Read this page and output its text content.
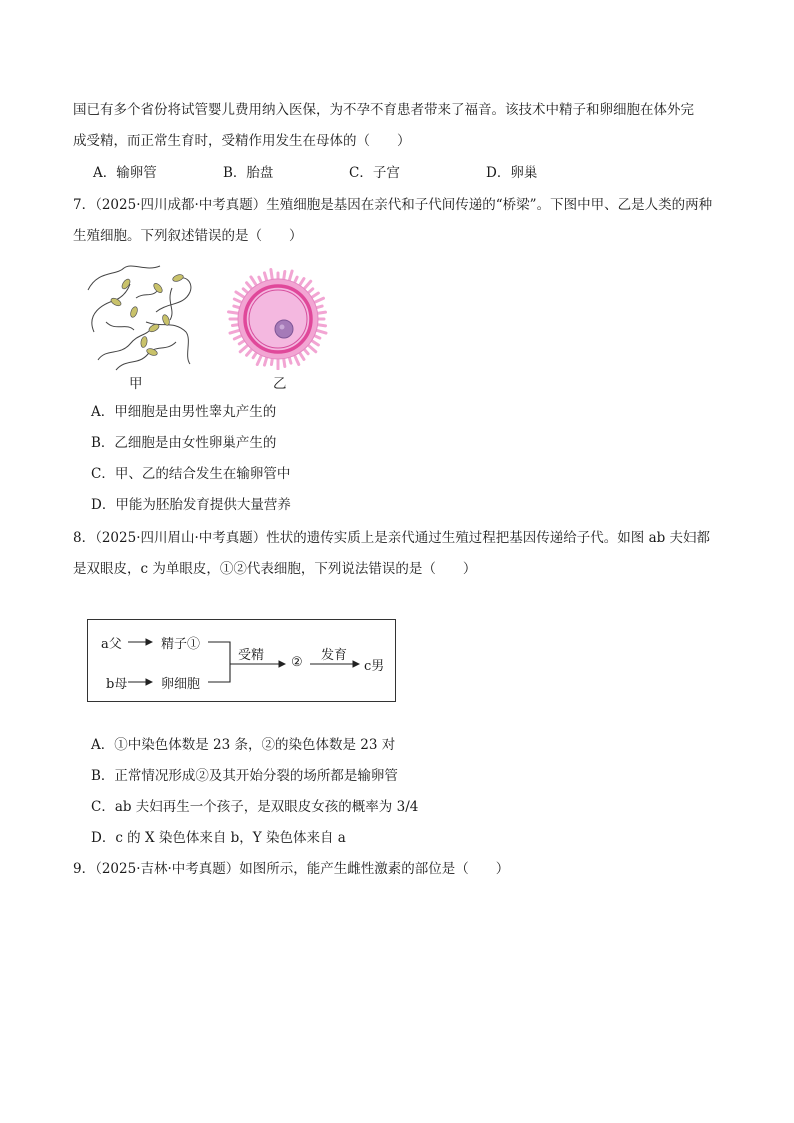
国已有多个省份将试管婴儿费用纳入医保，为不孕不育患者带来了福音。该技术中精子和卵细胞在体外完
成受精，而正常生育时，受精作用发生在母体的（　　）
A．输卵管	B．胎盘	C．子宫	D．卵巢
7．（2025·四川成都·中考真题）生殖细胞是基因在亲代和子代间传递的“桥梁”。下图中甲、乙是人类的两种
生殖细胞。下列叙述错误的是（　　）
甲	乙
A．甲细胞是由男性睾丸产生的
B．乙细胞是由女性卵巢产生的
C．甲、乙的结合发生在输卵管中
D．甲能为胚胎发育提供大量营养
8．（2025·四川眉山·中考真题）性状的遗传实质上是亲代通过生殖过程把基因传递给子代。如图 ab 夫妇都
是双眼皮，c 为单眼皮，①②代表细胞，下列说法错误的是（　　）
a父	精子①
b母	卵细胞
受精 ② 发育
c男
A．①中染色体数是 23 条，②的染色体数是 23 对
B．正常情况形成②及其开始分裂的场所都是输卵管
C．ab 夫妇再生一个孩子，是双眼皮女孩的概率为 3/4
D．c 的 X 染色体来自 b，Y 染色体来自 a
9．（2025·吉林·中考真题）如图所示，能产生雌性激素的部位是（　　）
